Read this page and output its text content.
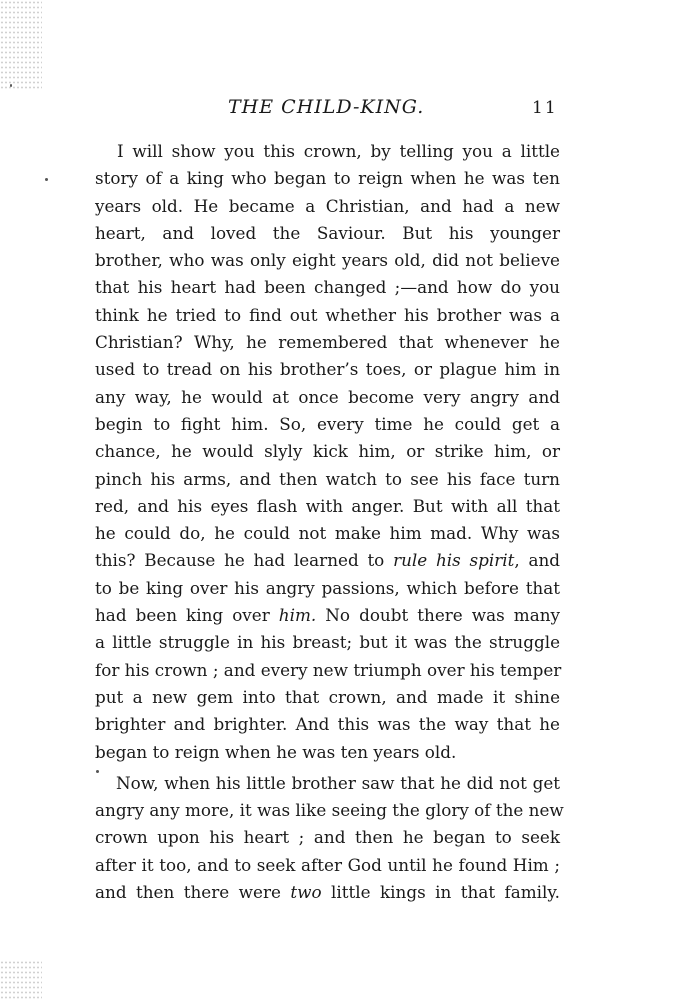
THE CHILD-KING.	11
I will show you this crown, by telling you a little
story of a king who began to reign when he was ten
years old. He became a Christian, and had a new
heart, and loved the Saviour. But his younger
brother, who was only eight years old, did not believe
that his heart had been changed ;—and how do you
think he tried to find out whether his brother was a
Christian? Why, he remembered that whenever he
used to tread on his brother’s toes, or plague him in
any way, he would at once become very angry and
begin to fight him. So, every time he could get a
chance, he would slyly kick him, or strike him, or
pinch his arms, and then watch to see his face turn
red, and his eyes flash with anger. But with all that
he could do, he could not make him mad. Why was
this? Because he had learned to rule his spirit, and
to be king over his angry passions, which before that
had been king over him. No doubt there was many
a little struggle in his breast; but it was the struggle
for his crown ; and every new triumph over his temper
put a new gem into that crown, and made it shine
brighter and brighter. And this was the way that he
began to reign when he was ten years old.
Now, when his little brother saw that he did not get
angry any more, it was like seeing the glory of the new
crown upon his heart ; and then he began to seek
after it too, and to seek after God until he found Him ;
and then there were two little kings in that family.
